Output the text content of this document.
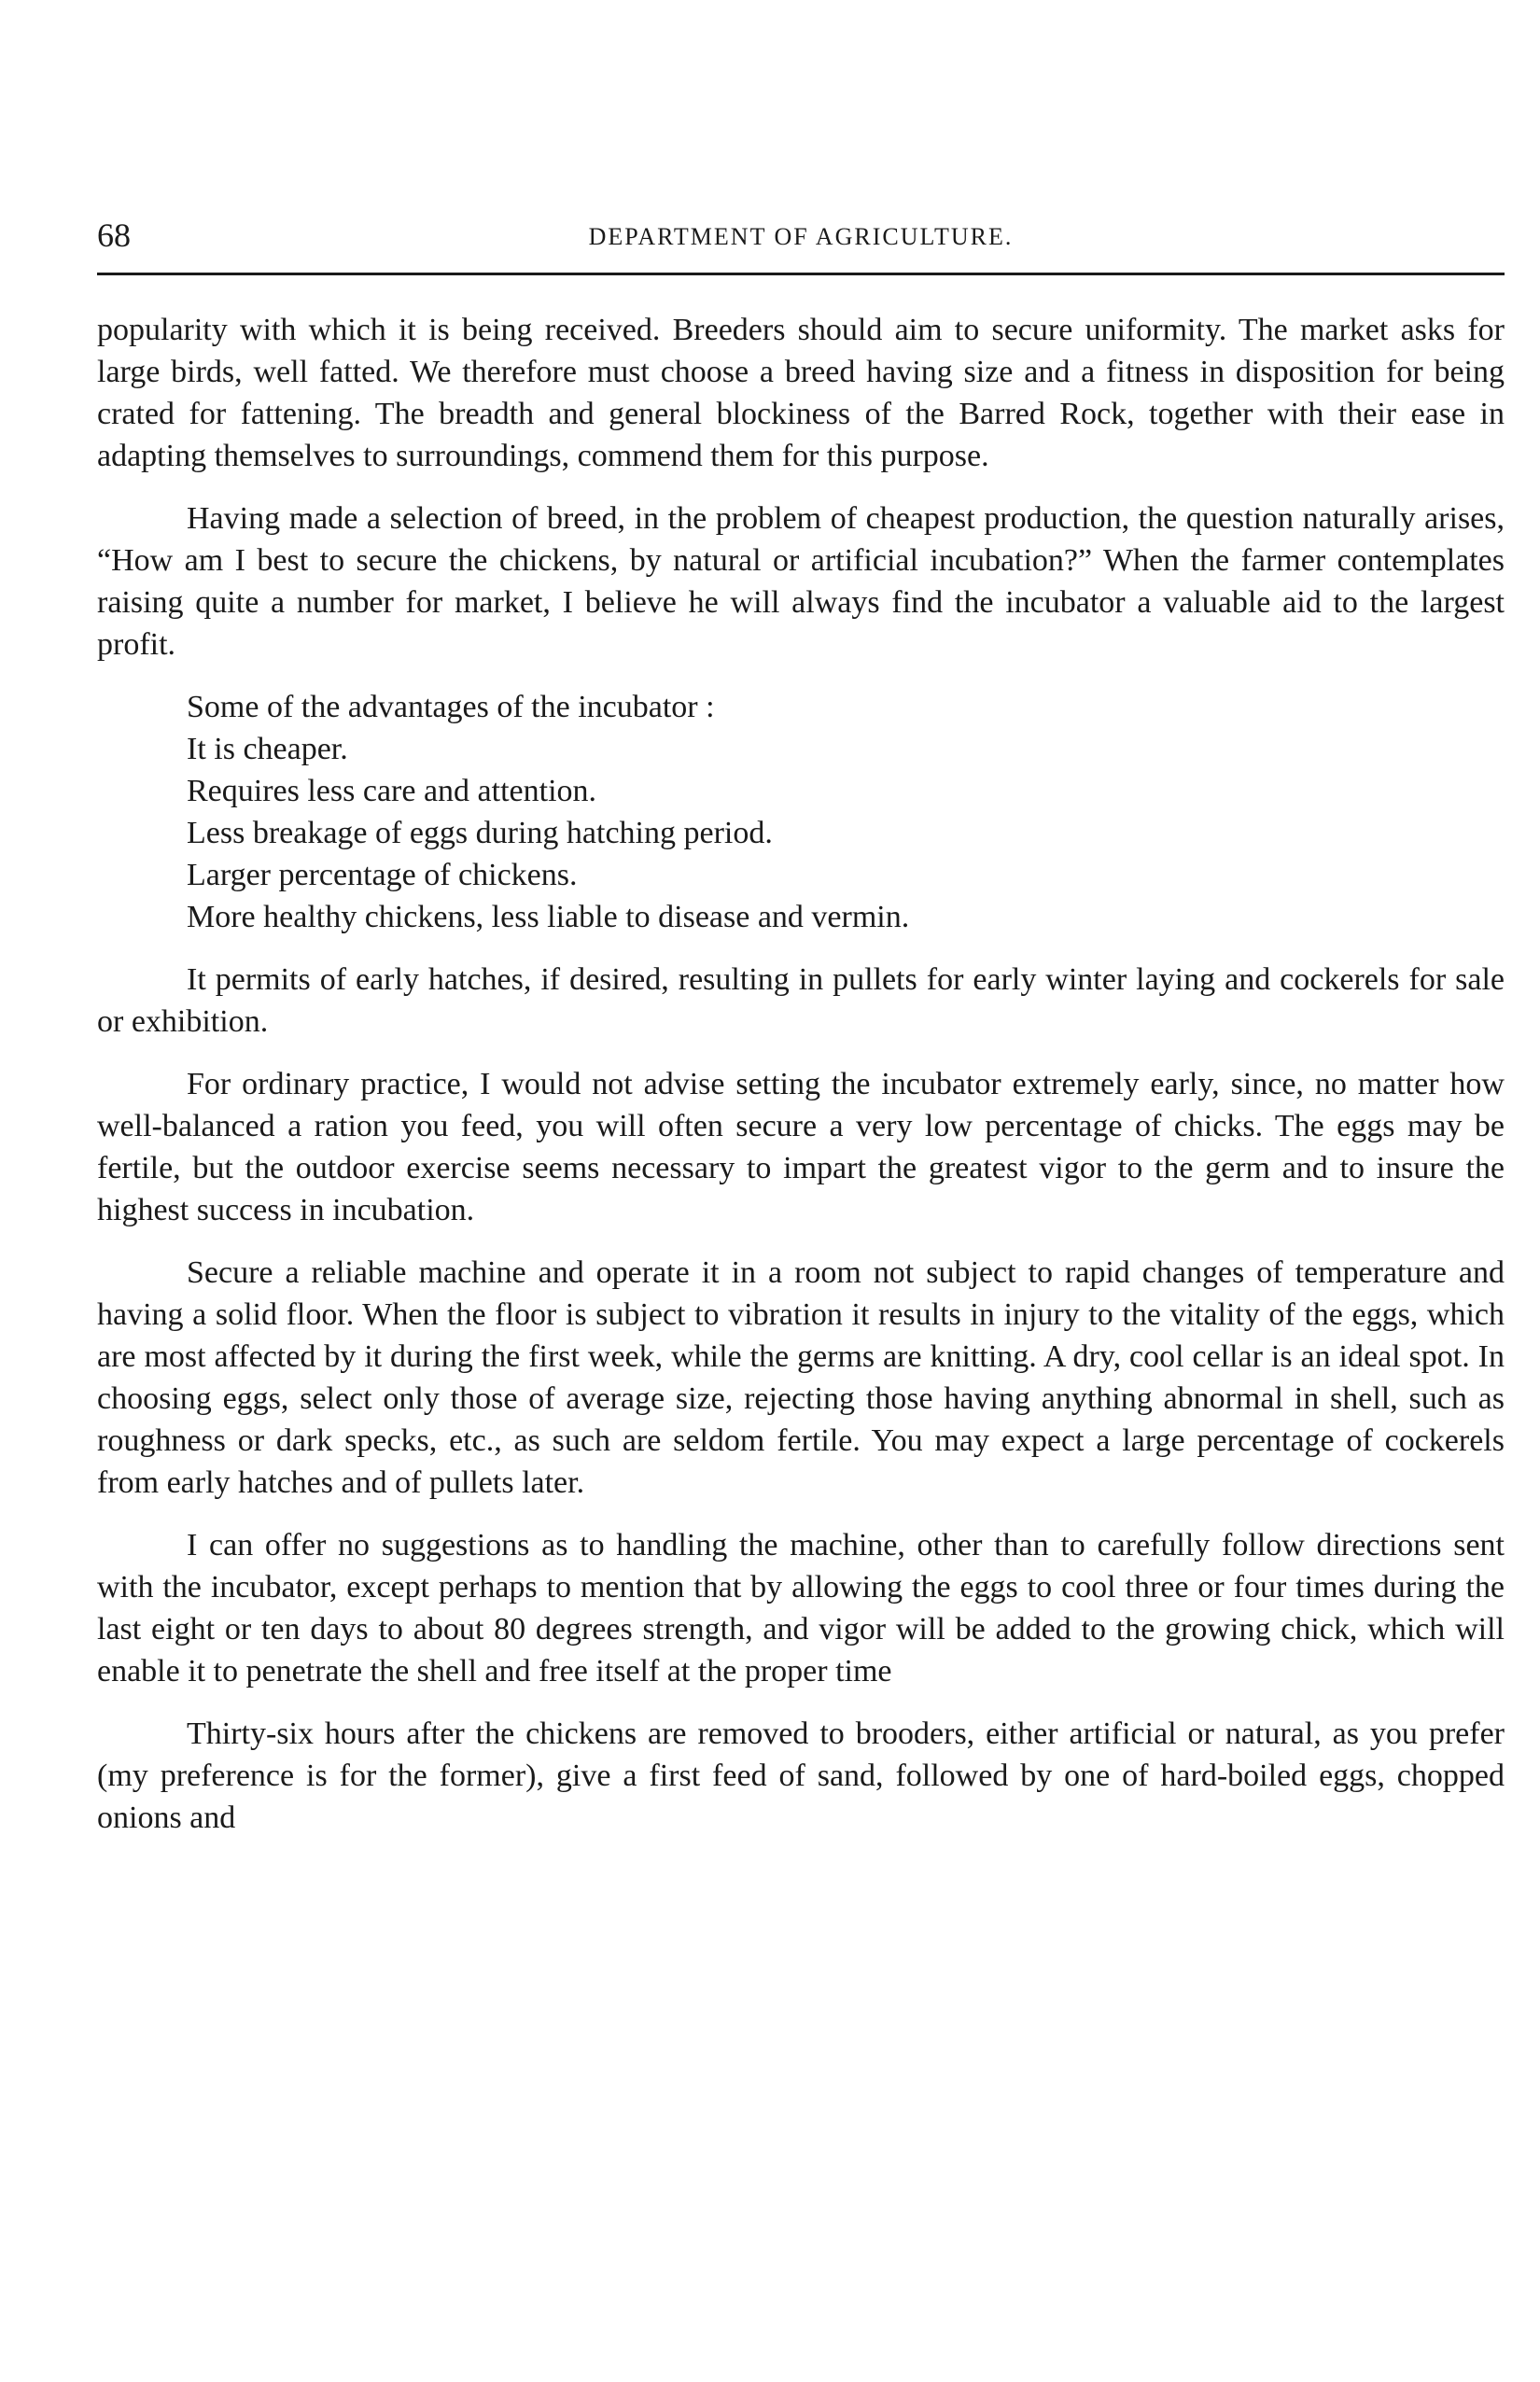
68	DEPARTMENT OF AGRICULTURE.

popularity with which it is being received. Breeders should aim to secure uniformity. The market asks for large birds, well fatted. We therefore must choose a breed having size and a fitness in disposition for being crated for fattening. The breadth and general blockiness of the Barred Rock, together with their ease in adapting themselves to surroundings, commend them for this purpose.

Having made a selection of breed, in the problem of cheapest production, the question naturally arises, “How am I best to secure the chickens, by natural or artificial incubation?” When the farmer contemplates raising quite a number for market, I believe he will always find the incubator a valuable aid to the largest profit.

Some of the advantages of the incubator :

It is cheaper.

Requires less care and attention.

Less breakage of eggs during hatching period.

Larger percentage of chickens.

More healthy chickens, less liable to disease and vermin.

It permits of early hatches, if desired, resulting in pullets for early winter laying and cockerels for sale or exhibition.

For ordinary practice, I would not advise setting the incubator extremely early, since, no matter how well-balanced a ration you feed, you will often secure a very low percentage of chicks. The eggs may be fertile, but the outdoor exercise seems necessary to impart the greatest vigor to the germ and to insure the highest success in incubation.

Secure a reliable machine and operate it in a room not subject to rapid changes of temperature and having a solid floor. When the floor is subject to vibration it results in injury to the vitality of the eggs, which are most affected by it during the first week, while the germs are knitting. A dry, cool cellar is an ideal spot. In choosing eggs, select only those of average size, rejecting those having anything abnormal in shell, such as roughness or dark specks, etc., as such are seldom fertile. You may expect a large percentage of cockerels from early hatches and of pullets later.

I can offer no suggestions as to handling the machine, other than to carefully follow directions sent with the incubator, except perhaps to mention that by allowing the eggs to cool three or four times during the last eight or ten days to about 80 degrees strength, and vigor will be added to the growing chick, which will enable it to penetrate the shell and free itself at the proper time

Thirty-six hours after the chickens are removed to brooders, either artificial or natural, as you prefer (my preference is for the former), give a first feed of sand, followed by one of hard-boiled eggs, chopped onions and
